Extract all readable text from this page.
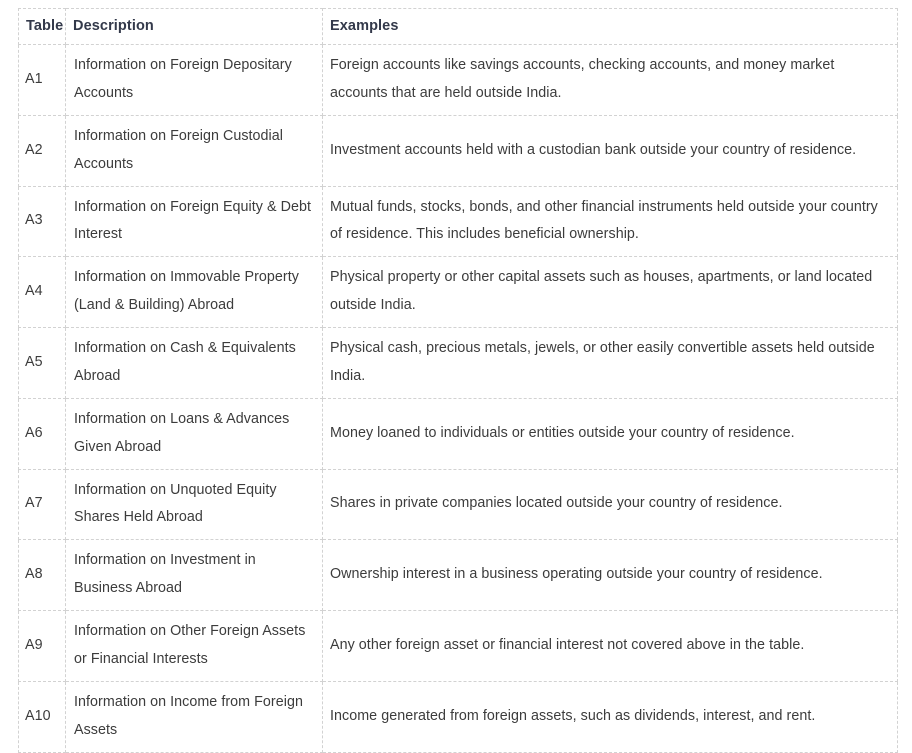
Table	Description	Examples
A1	Information on Foreign Depositary Accounts	Foreign accounts like savings accounts, checking accounts, and money market accounts that are held outside India.
A2	Information on Foreign Custodial Accounts	Investment accounts held with a custodian bank outside your country of residence.
A3	Information on Foreign Equity & Debt Interest	Mutual funds, stocks, bonds, and other financial instruments held outside your country of residence. This includes beneficial ownership.
A4	Information on Immovable Property (Land & Building) Abroad	Physical property or other capital assets such as houses, apartments, or land located outside India.
A5	Information on Cash & Equivalents Abroad	Physical cash, precious metals, jewels, or other easily convertible assets held outside India.
A6	Information on Loans & Advances Given Abroad	Money loaned to individuals or entities outside your country of residence.
A7	Information on Unquoted Equity Shares Held Abroad	Shares in private companies located outside your country of residence.
A8	Information on Investment in Business Abroad	Ownership interest in a business operating outside your country of residence.
A9	Information on Other Foreign Assets or Financial Interests	Any other foreign asset or financial interest not covered above in the table.
A10	Information on Income from Foreign Assets	Income generated from foreign assets, such as dividends, interest, and rent.
